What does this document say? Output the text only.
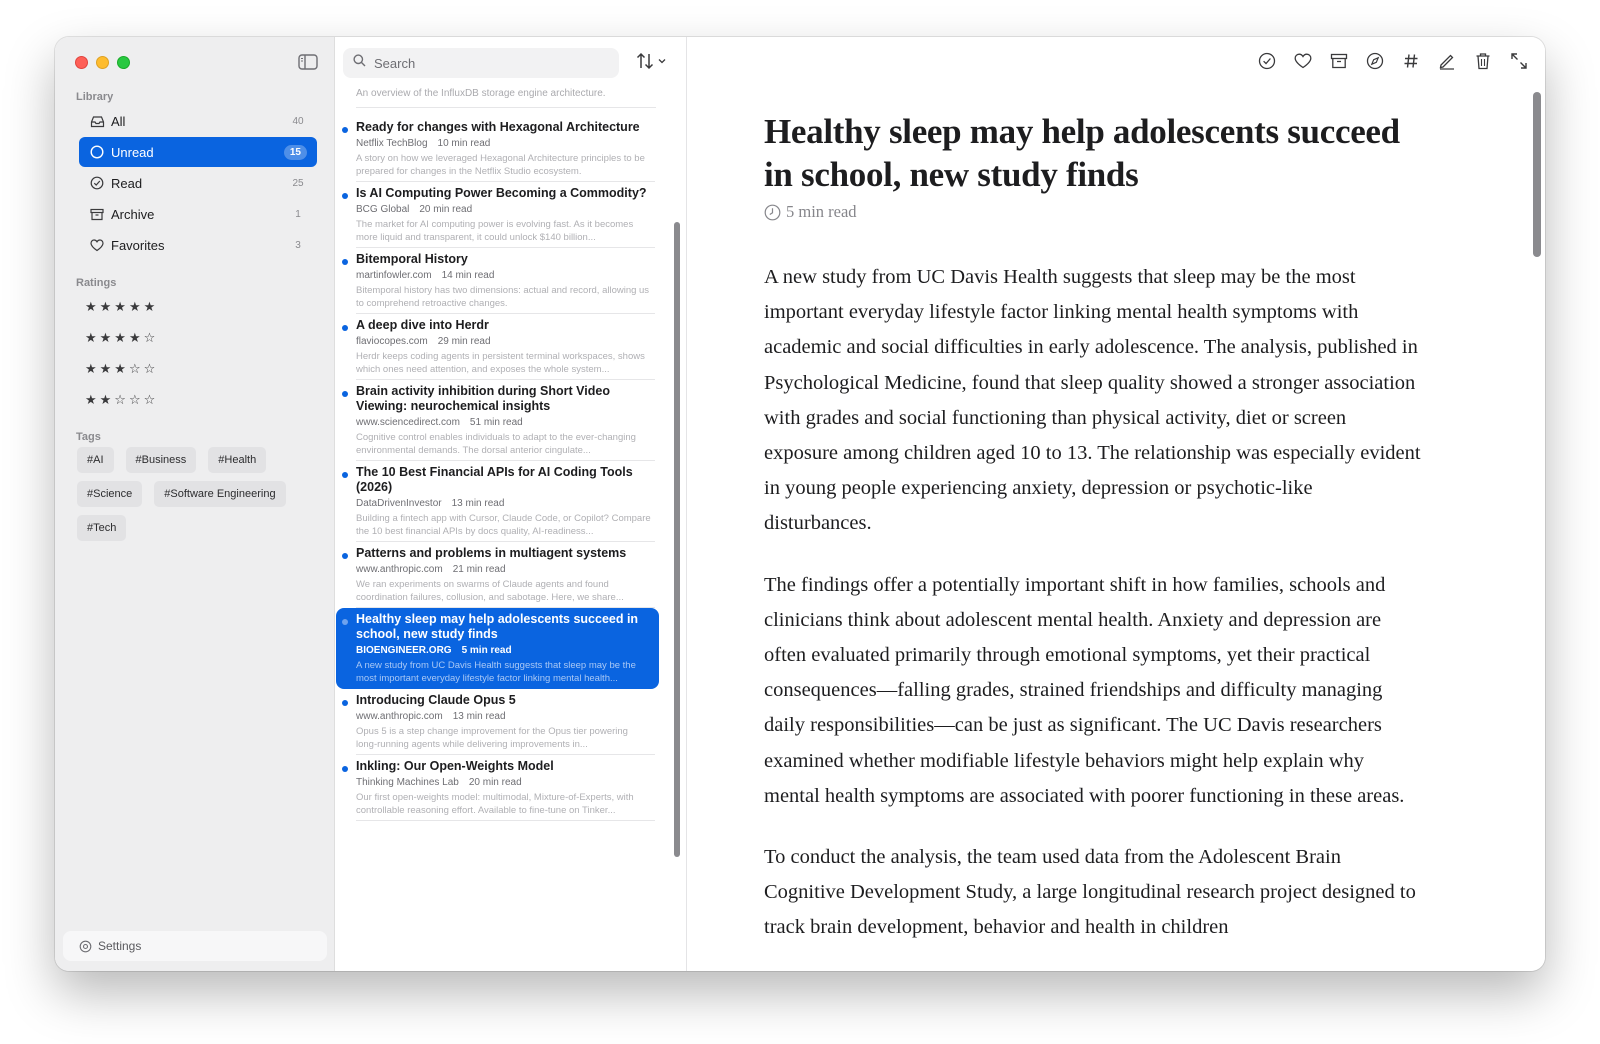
Library
All	40
Unread	15
Read	25
Archive	1
Favorites	3
Ratings
★★★★★
★★★★☆
★★★☆☆
★★☆☆☆
Tags
#AI	#Business	#Health
#Science	#Software Engineering
#Tech
Settings
Search
An overview of the InfluxDB storage engine architecture.
Ready for changes with Hexagonal Architecture
Netflix TechBlog 10 min read
A story on how we leveraged Hexagonal Architecture principles to be prepared for changes in the Netflix Studio ecosystem.
Is AI Computing Power Becoming a Commodity?
BCG Global 20 min read
The market for AI computing power is evolving fast. As it becomes more liquid and transparent, it could unlock $140 billion...
Bitemporal History
martinfowler.com 14 min read
Bitemporal history has two dimensions: actual and record, allowing us to comprehend retroactive changes.
A deep dive into Herdr
flaviocopes.com 29 min read
Herdr keeps coding agents in persistent terminal workspaces, shows which ones need attention, and exposes the whole system...
Brain activity inhibition during Short Video Viewing: neurochemical insights
www.sciencedirect.com 51 min read
Cognitive control enables individuals to adapt to the ever-changing environmental demands. The dorsal anterior cingulate...
The 10 Best Financial APIs for AI Coding Tools (2026)
DataDrivenInvestor 13 min read
Building a fintech app with Cursor, Claude Code, or Copilot? Compare the 10 best financial APIs by docs quality, AI-readiness...
Patterns and problems in multiagent systems
www.anthropic.com 21 min read
We ran experiments on swarms of Claude agents and found coordination failures, collusion, and sabotage. Here, we share...
Healthy sleep may help adolescents succeed in school, new study finds
BIOENGINEER.ORG 5 min read
A new study from UC Davis Health suggests that sleep may be the most important everyday lifestyle factor linking mental health...
Introducing Claude Opus 5
www.anthropic.com 13 min read
Opus 5 is a step change improvement for the Opus tier powering long-running agents while delivering improvements in...
Inkling: Our Open-Weights Model
Thinking Machines Lab 20 min read
Our first open-weights model: multimodal, Mixture-of-Experts, with controllable reasoning effort. Available to fine-tune on Tinker...
Healthy sleep may help adolescents succeed in school, new study finds
5 min read

A new study from UC Davis Health suggests that sleep may be the most important everyday lifestyle factor linking mental health symptoms with academic and social difficulties in early adolescence. The analysis, published in Psychological Medicine, found that sleep quality showed a stronger association with grades and social functioning than physical activity, diet or screen exposure among children aged 10 to 13. The relationship was especially evident in young people experiencing anxiety, depression or psychotic-like disturbances.

The findings offer a potentially important shift in how families, schools and clinicians think about adolescent mental health. Anxiety and depression are often evaluated primarily through emotional symptoms, yet their practical consequences—falling grades, strained friendships and difficulty managing daily responsibilities—can be just as significant. The UC Davis researchers examined whether modifiable lifestyle behaviors might help explain why mental health symptoms are associated with poorer functioning in these areas.

To conduct the analysis, the team used data from the Adolescent Brain Cognitive Development Study, a large longitudinal research project designed to track brain development, behavior and health in children
